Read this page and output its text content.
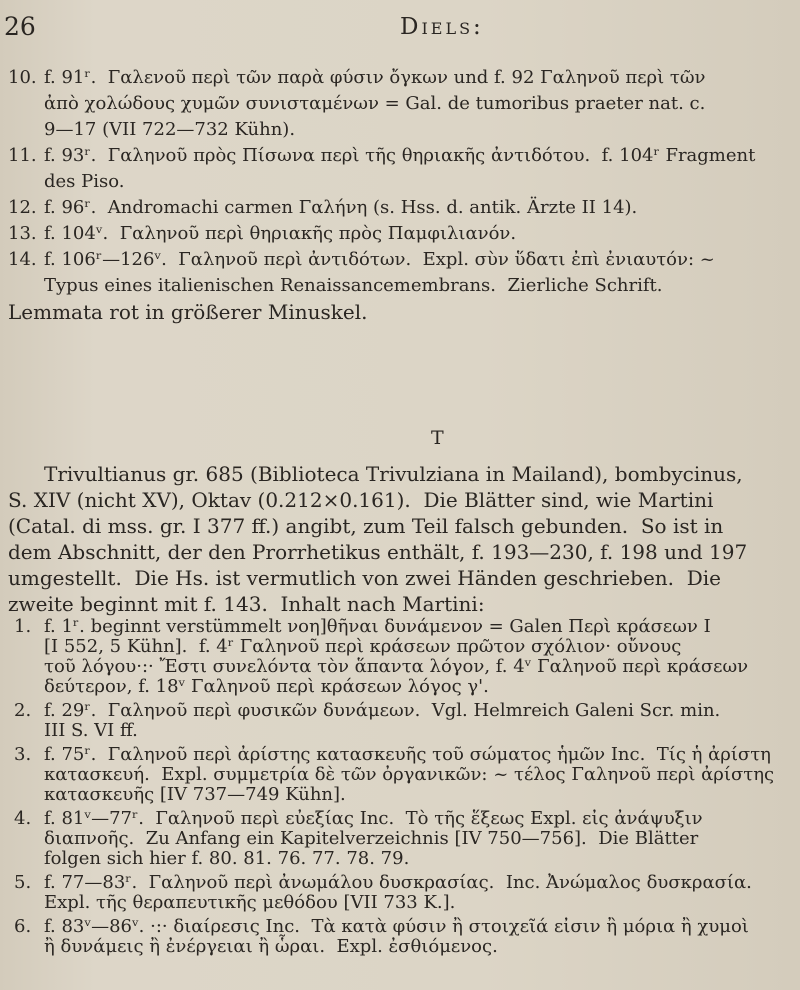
26	Diels:
10. f. 91ʳ.  Γαλενοῦ περὶ τῶν παρὰ φύσιν ὄγκων und f. 92 Γαληνοῦ περὶ τῶν
ἀπὸ χολώδους χυμῶν συνισταμένων = Gal. de tumoribus praeter nat. c.
9—17 (VII 722—732 Kühn).
11. f. 93ʳ.  Γαληνοῦ πρὸς Πίσωνα περὶ τῆς θηριακῆς ἀντιδότου.  f. 104ʳ Fragment
des Piso.
12. f. 96ʳ.  Andromachi carmen Γαλήνη (s. Hss. d. antik. Ärzte II 14).
13. f. 104ᵛ.  Γαληνοῦ περὶ θηριακῆς πρὸς Παμφιλιανόν.
14. f. 106ʳ—126ᵛ.  Γαληνοῦ περὶ ἀντιδότων.  Expl. σὺν ὕδατι ἐπὶ ἐνιαυτόν: ~
Typus eines italienischen Renaissancemembrans.  Zierliche Schrift.
Lemmata rot in größerer Minuskel.
T
Trivultianus gr. 685 (Biblioteca Trivulziana in Mailand), bombycinus,
S. XIV (nicht XV), Oktav (0.212×0.161).  Die Blätter sind, wie Martini
(Catal. di mss. gr. I 377 ff.) angibt, zum Teil falsch gebunden.  So ist in
dem Abschnitt, der den Prorrhetikus enthält, f. 193—230, f. 198 und 197
umgestellt.  Die Hs. ist vermutlich von zwei Händen geschrieben.  Die
zweite beginnt mit f. 143.  Inhalt nach Martini:
1. f. 1ʳ. beginnt verstümmelt νοη]θῆναι δυνάμενον = Galen Περὶ κράσεων I
[I 552, 5 Kühn].  f. 4ʳ Γαληνοῦ περὶ κράσεων πρῶτον σχόλιον· οὔνους
τοῦ λόγου·:· Ἔστι συνελόντα τὸν ἅπαντα λόγον, f. 4ᵛ Γαληνοῦ περὶ κράσεων
δεύτερον, f. 18ᵛ Γαληνοῦ περὶ κράσεων λόγος γ'.
2. f. 29ʳ.  Γαληνοῦ περὶ φυσικῶν δυνάμεων.  Vgl. Helmreich Galeni Scr. min.
III S. VI ff.
3. f. 75ʳ.  Γαληνοῦ περὶ ἀρίστης κατασκευῆς τοῦ σώματος ἡμῶν Inc.  Τίς ἡ ἀρίστη
κατασκευή.  Expl. συμμετρία δὲ τῶν ὀργανικῶν: ~ τέλος Γαληνοῦ περὶ ἀρίστης
κατασκευῆς [IV 737—749 Kühn].
4. f. 81ᵛ—77ʳ.  Γαληνοῦ περὶ εὐεξίας Inc.  Τὸ τῆς ἕξεως Expl. εἰς ἀνάψυξιν
διαπνοῆς.  Zu Anfang ein Kapitelverzeichnis [IV 750—756].  Die Blätter
folgen sich hier f. 80. 81. 76. 77. 78. 79.
5. f. 77—83ʳ.  Γαληνοῦ περὶ ἀνωμάλου δυσκρασίας.  Inc. Ἀνώμαλος δυσκρασία.
Expl. τῆς θεραπευτικῆς μεθόδου [VII 733 K.].
6. f. 83ᵛ—86ᵛ. ·:· διαίρεσις Inc.  Τὰ κατὰ φύσιν ἢ στοιχεῖά εἰσιν ἢ μόρια ἢ χυμοὶ
ἢ δυνάμεις ἢ ἐνέργειαι ἢ ὧραι.  Expl. ἐσθιόμενος.
